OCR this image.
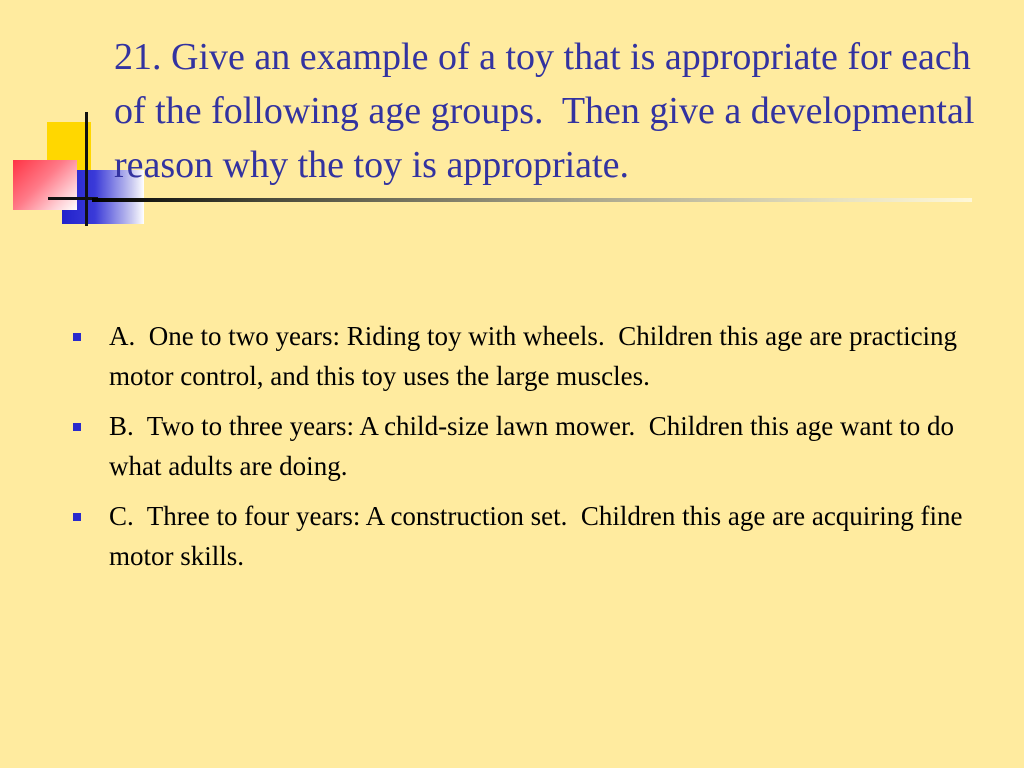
21. Give an example of a toy that is appropriate for each of the following age groups.  Then give a developmental reason why the toy is appropriate.
A.  One to two years: Riding toy with wheels.  Children this age are practicing motor control, and this toy uses the large muscles.
B.  Two to three years: A child-size lawn mower.  Children this age want to do what adults are doing.
C.  Three to four years: A construction set.  Children this age are acquiring fine motor skills.
